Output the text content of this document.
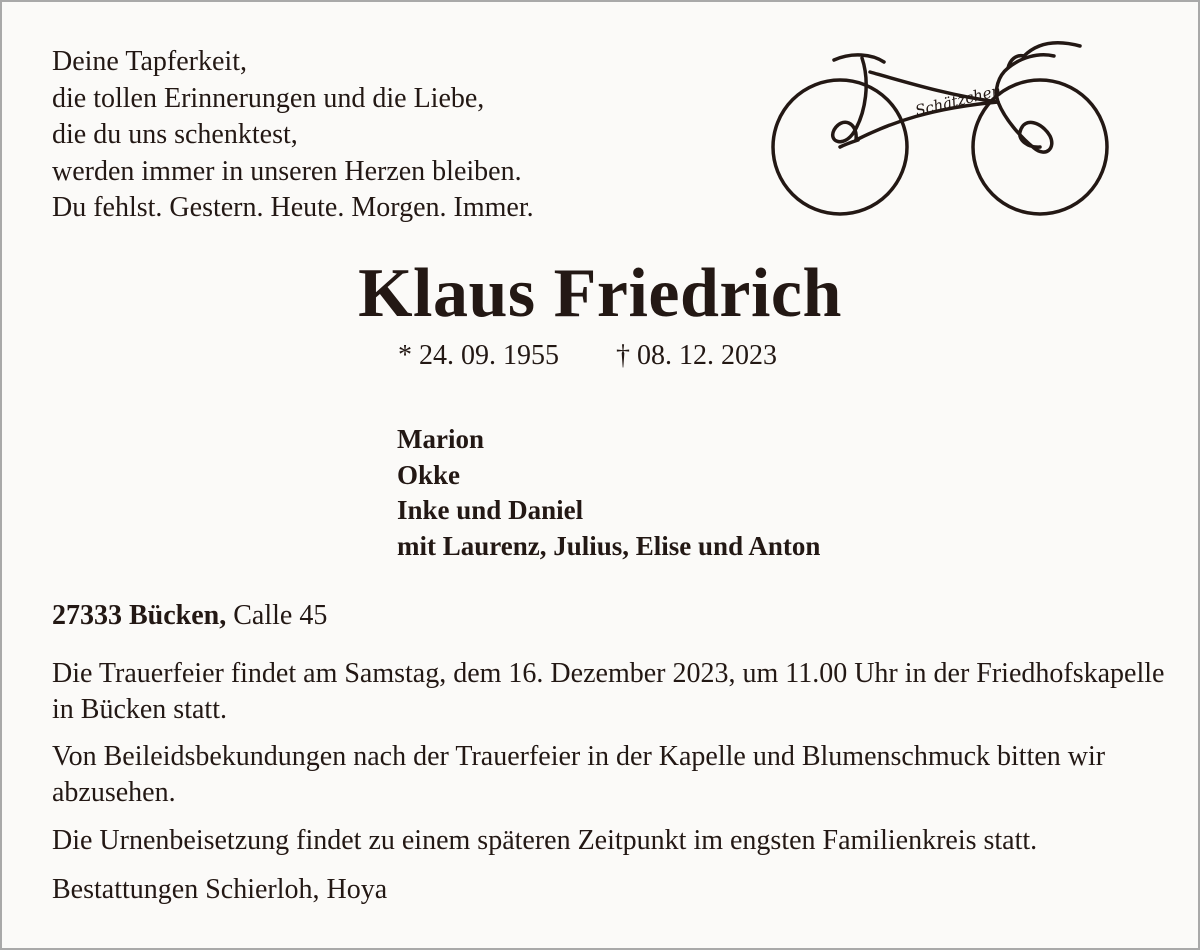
Deine Tapferkeit,
die tollen Erinnerungen und die Liebe,
die du uns schenktest,
werden immer in unseren Herzen bleiben.
Du fehlst. Gestern. Heute. Morgen. Immer.
Schätzchen
Klaus Friedrich
* 24. 09. 1955 † 08. 12. 2023
Marion
Okke
Inke und Daniel
mit Laurenz, Julius, Elise und Anton
27333 Bücken, Calle 45
Die Trauerfeier findet am Samstag, dem 16. Dezember 2023, um 11.00 Uhr in der Friedhofskapelle in Bücken statt.
Von Beileidsbekundungen nach der Trauerfeier in der Kapelle und Blumenschmuck bitten wir abzusehen.
Die Urnenbeisetzung findet zu einem späteren Zeitpunkt im engsten Familienkreis statt.
Bestattungen Schierloh, Hoya
